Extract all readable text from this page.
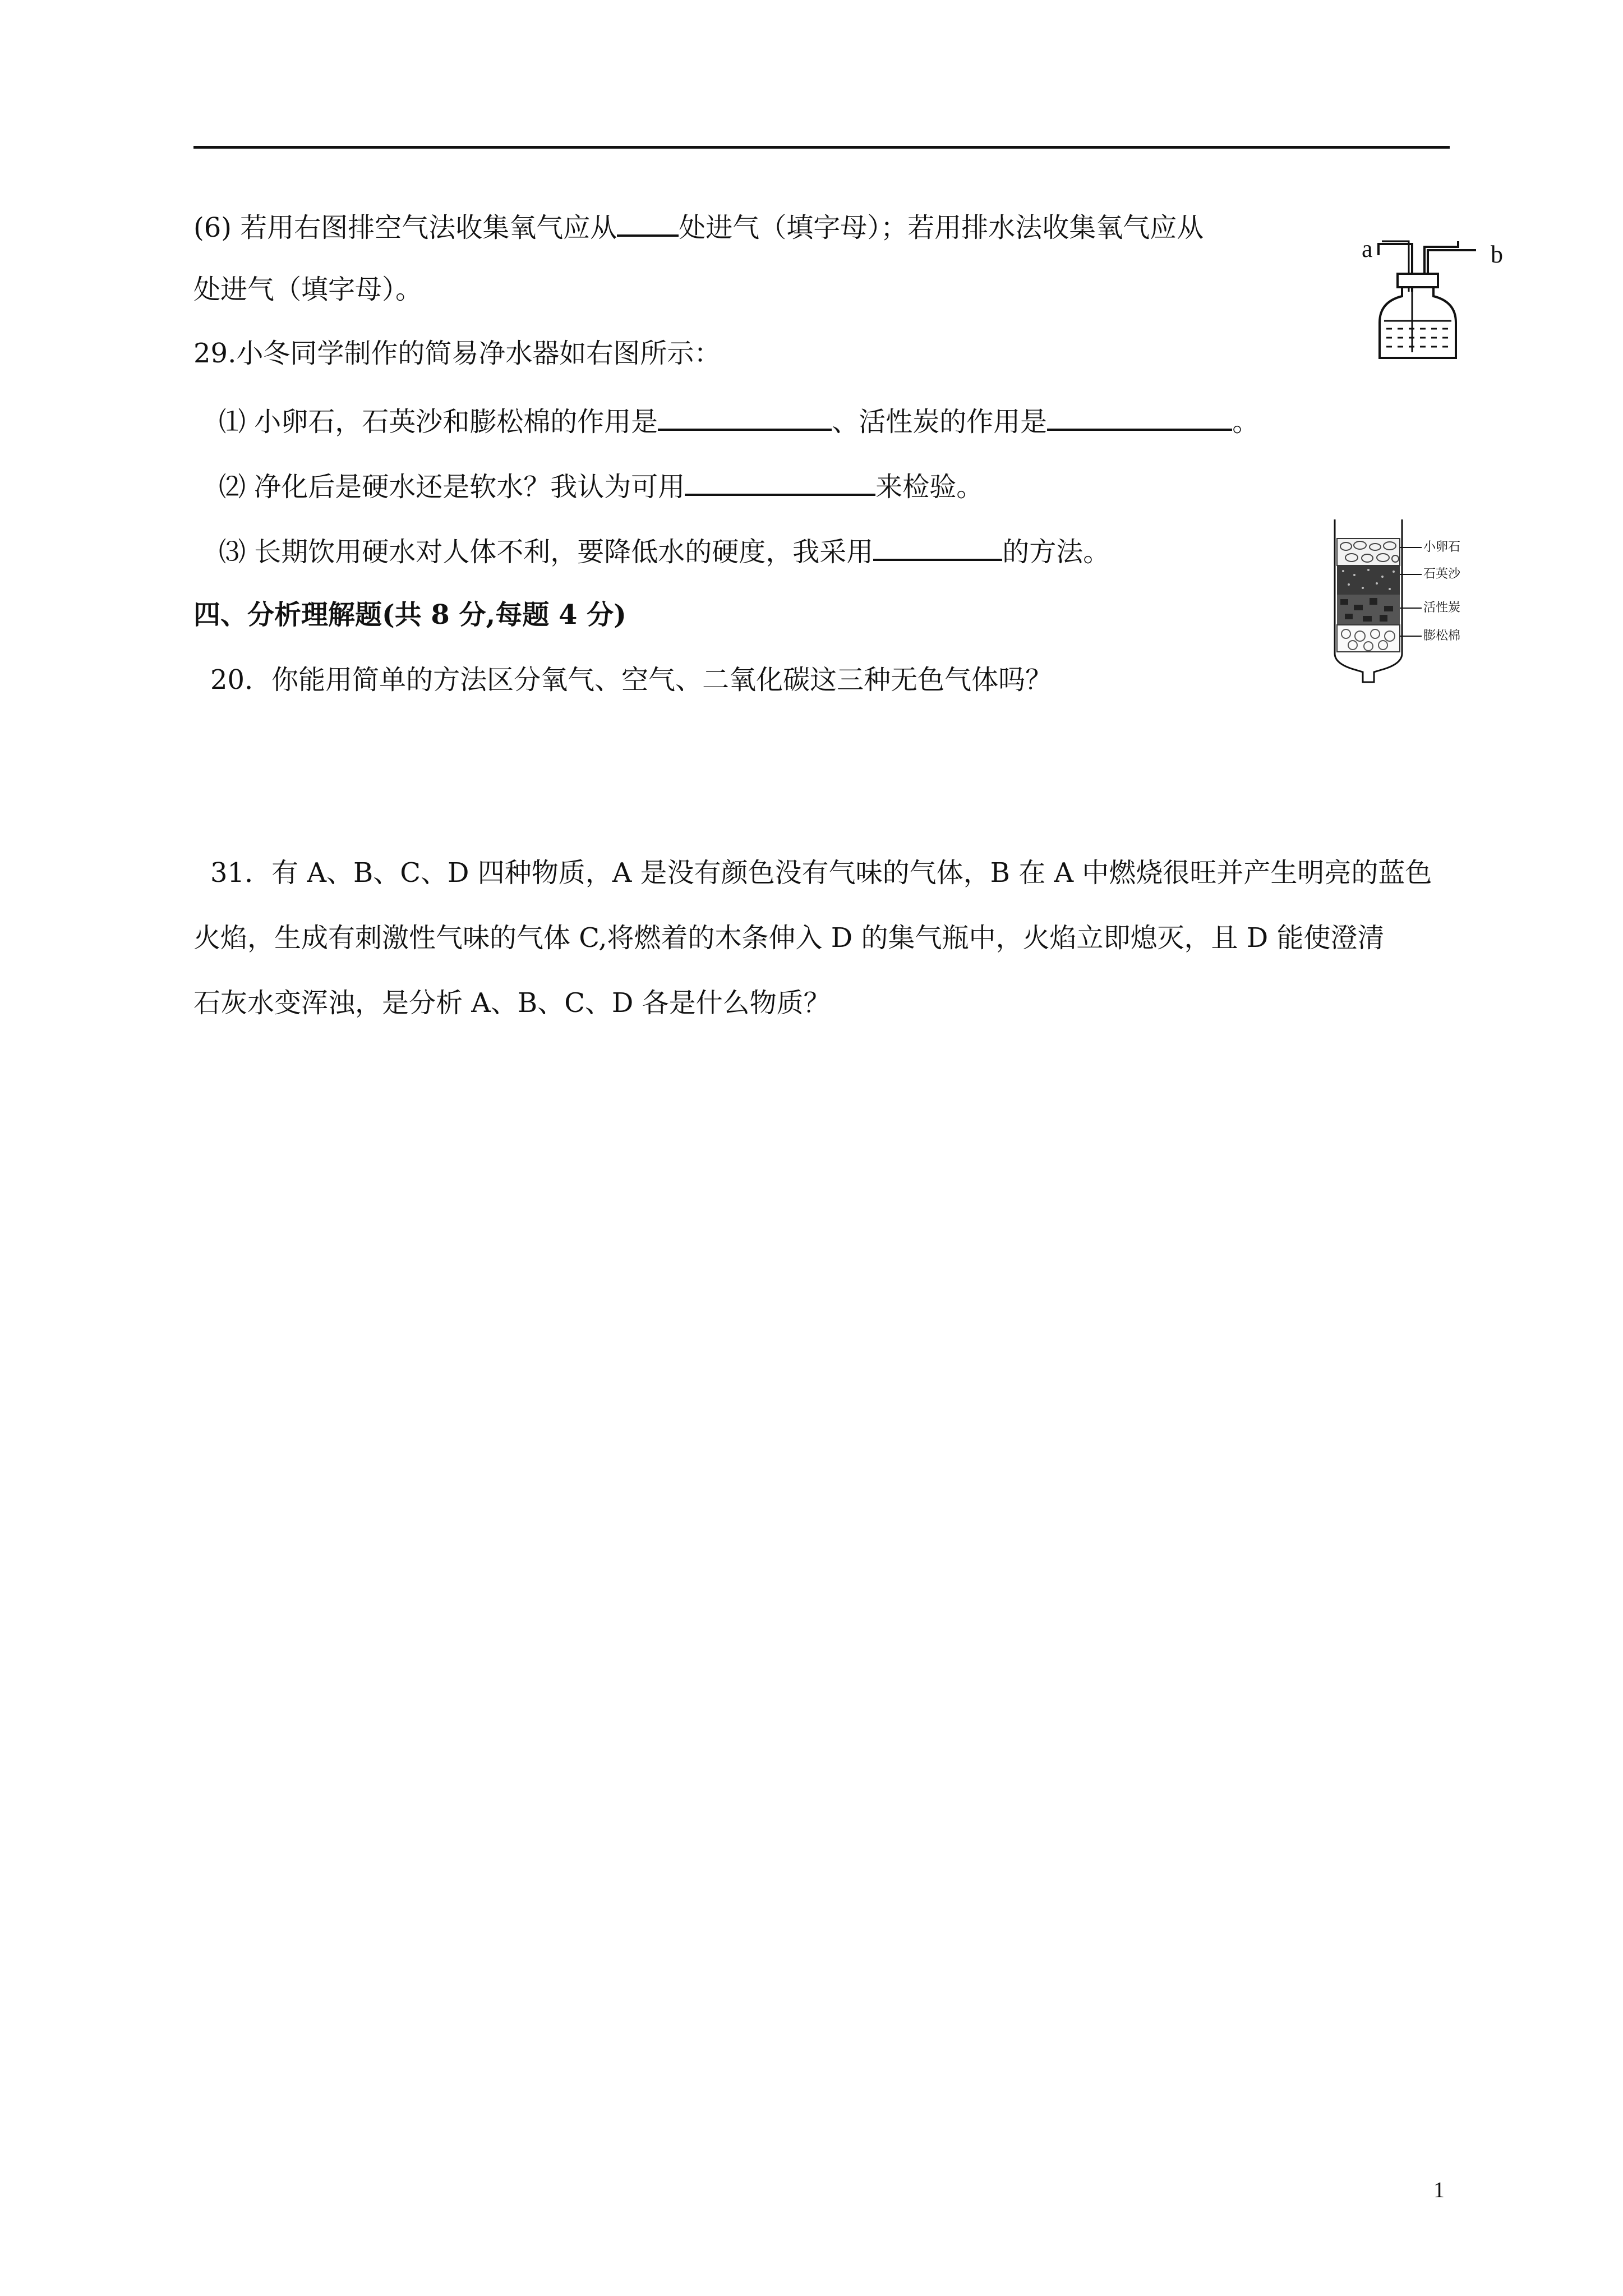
(6) 若用右图排空气法收集氧气应从 处进气（填字母）；若用排水法收集氧气应从
处进气（填字母）。
a	b
29.小冬同学制作的简易净水器如右图所示：
⑴ 小卵石，石英沙和膨松棉的作用是	、活性炭的作用是	。
⑵ 净化后是硬水还是软水？我认为可用	来检验。
⑶ 长期饮用硬水对人体不利，要降低水的硬度，我采用	的方法。	小卵石
石英沙
活性炭
膨松棉
四、分析理解题(共 8 分,每题 4 分)
20．你能用简单的方法区分氧气、空气、二氧化碳这三种无色气体吗？
31．有 A、B、C、D 四种物质，A 是没有颜色没有气味的气体，B 在 A 中燃烧很旺并产生明亮的蓝色
火焰，生成有刺激性气味的气体 C,将燃着的木条伸入 D 的集气瓶中，火焰立即熄灭，且 D 能使澄清
石灰水变浑浊，是分析 A、B、C、D 各是什么物质？
1
